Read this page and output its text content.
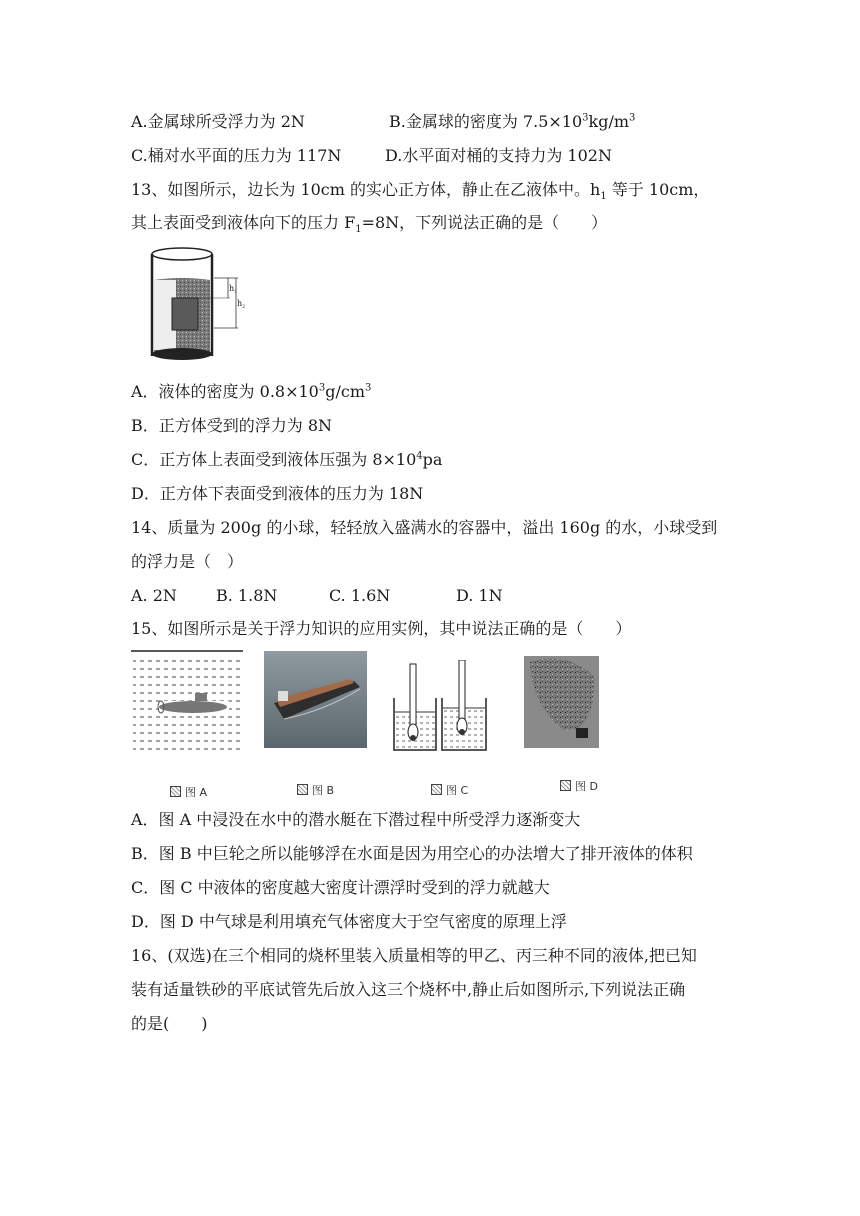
A.金属球所受浮力为 2N	B.金属球的密度为 $7.5\times 10^3kg/m^3$
C.桶对水平面的压力为 117N	D.水平面对桶的支持力为 102N
13、如图所示，边长为 10cm 的实心正方体，静止在乙液体中。$h_1$ 等于 10cm，
其上表面受到液体向下的压力 $F_1=8N$，下列说法正确的是（　　）
$h_1$
$h_2$
A．液体的密度为 $0.8\times 10^3g/cm^3$
B．正方体受到的浮力为 8N
C．正方体上表面受到液体压强为 $8\times 10^4pa$
D．正方体下表面受到液体的压力为 18N
14、质量为 200g 的小球，轻轻放入盛满水的容器中，溢出 160g 的水，小球受到
的浮力是（　）
A. 2N B. 1.8N	C. 1.6N	D. 1N
15、如图所示是关于浮力知识的应用实例，其中说法正确的是（　　）
图 A	图 B	图 C	图 D
A．图 A 中浸没在水中的潜水艇在下潜过程中所受浮力逐渐变大
B．图 B 中巨轮之所以能够浮在水面是因为用空心的办法增大了排开液体的体积
C．图 C 中液体的密度越大密度计漂浮时受到的浮力就越大
D．图 D 中气球是利用填充气体密度大于空气密度的原理上浮
16、(双选)在三个相同的烧杯里装入质量相等的甲乙、丙三种不同的液体,把已知
装有适量铁砂的平底试管先后放入这三个烧杯中,静止后如图所示,下列说法正确
的是(　　)
